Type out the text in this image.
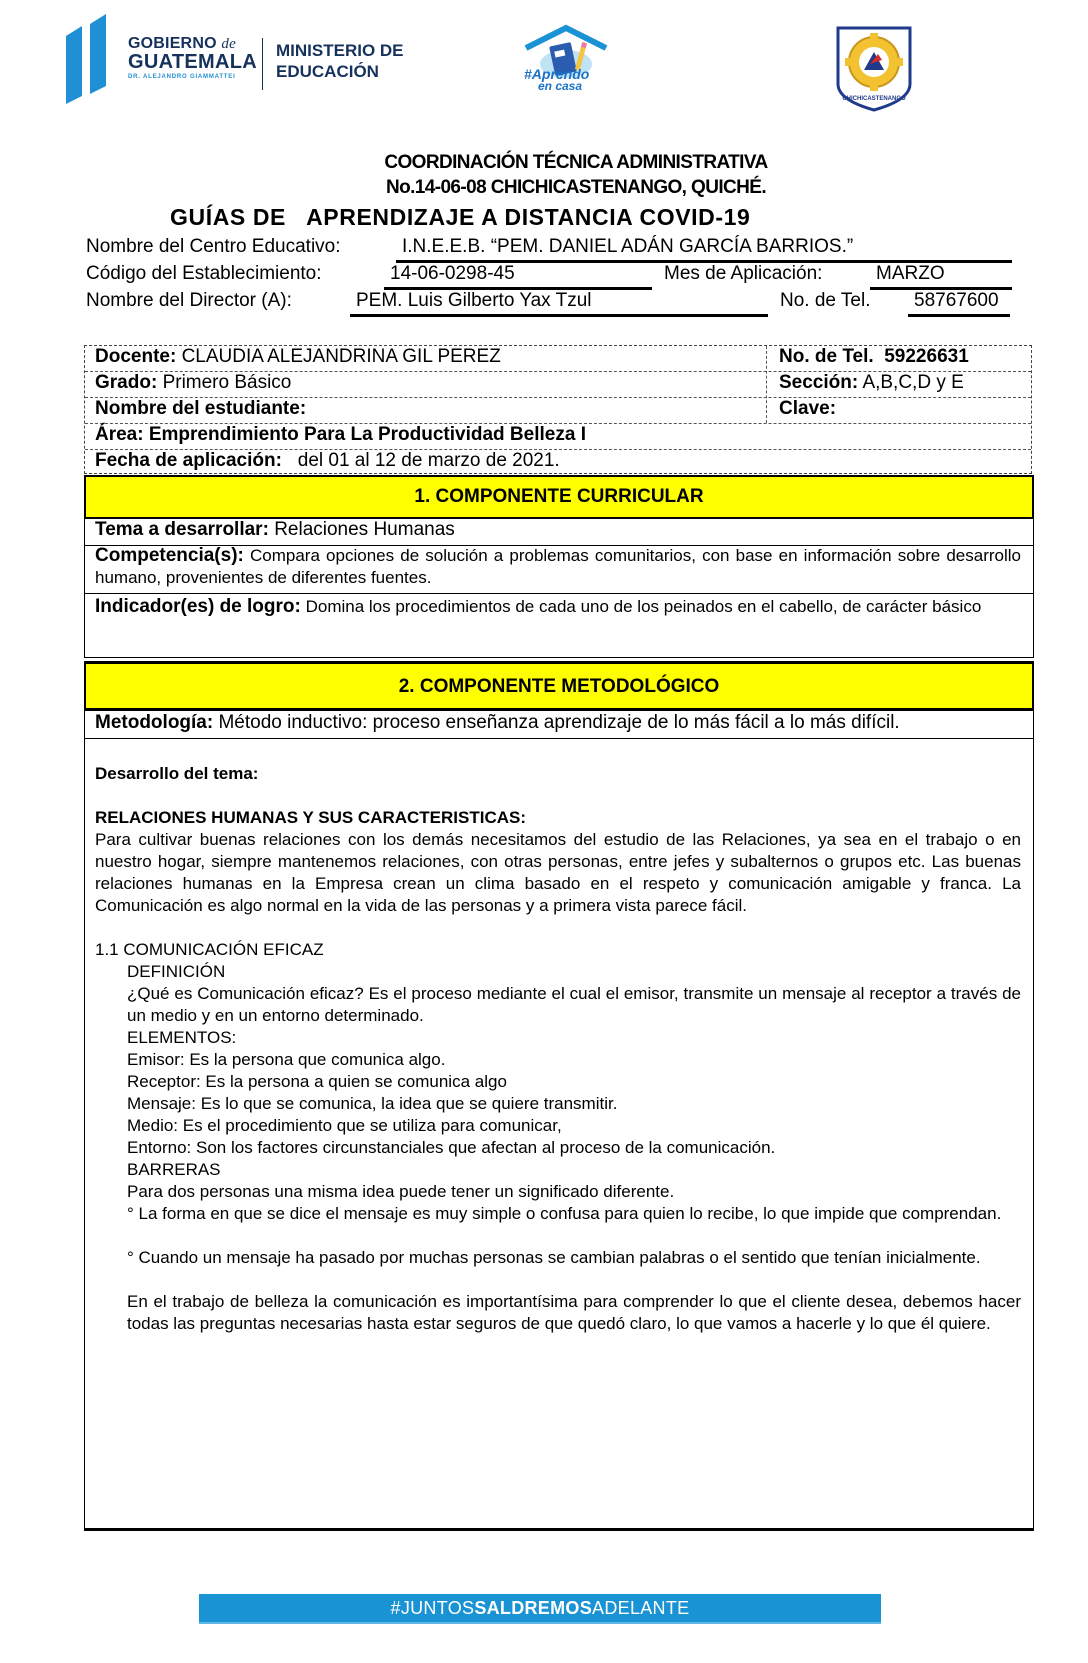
GOBIERNO de
GUATEMALA
DR. ALEJANDRO GIAMMATTEI
MINISTERIO DE
EDUCACIÓN	#Aprendo
en casa
CHICHICASTENANGO
COORDINACIÓN TÉCNICA ADMINISTRATIVA
No.14-06-08 CHICHICASTENANGO, QUICHÉ.
GUÍAS DE   APRENDIZAJE A DISTANCIA COVID-19
Nombre del Centro Educativo:	I.N.E.E.B. “PEM. DANIEL ADÁN GARCÍA BARRIOS.”
Código del Establecimiento:	14-06-0298-45	Mes de Aplicación:	MARZO
Nombre del Director (A):	PEM. Luis Gilberto Yax Tzul	No. de Tel.	58767600
Docente: CLAUDIA ALEJANDRINA GIL PEREZ	No. de Tel. 59226631
Grado: Primero Básico	Sección: A,B,C,D y E
Nombre del estudiante:	Clave:
Área: Emprendimiento Para La Productividad Belleza I
Fecha de aplicación: del 01 al 12 de marzo de 2021.
1. COMPONENTE CURRICULAR
Tema a desarrollar: Relaciones Humanas
Competencia(s): Compara opciones de solución a problemas comunitarios, con base en información sobre desarrollo humano, provenientes de diferentes fuentes.
Indicador(es) de logro: Domina los procedimientos de cada uno de los peinados en el cabello, de carácter básico
2. COMPONENTE METODOLÓGICO
Metodología: Método inductivo: proceso enseñanza aprendizaje de lo más fácil a lo más difícil.
Desarrollo del tema:
RELACIONES HUMANAS Y SUS CARACTERISTICAS:
Para cultivar buenas relaciones con los demás necesitamos del estudio de las Relaciones, ya sea en el trabajo o en nuestro hogar, siempre mantenemos relaciones, con otras personas, entre jefes y subalternos o grupos etc. Las buenas relaciones humanas en la Empresa crean un clima basado en el respeto y comunicación amigable y franca. La Comunicación es algo normal en la vida de las personas y a primera vista parece fácil.
1.1 COMUNICACIÓN EFICAZ
DEFINICIÓN
¿Qué es Comunicación eficaz? Es el proceso mediante el cual el emisor, transmite un mensaje al receptor a través de un medio y en un entorno determinado.
ELEMENTOS:
Emisor: Es la persona que comunica algo.
Receptor: Es la persona a quien se comunica algo
Mensaje: Es lo que se comunica, la idea que se quiere transmitir.
Medio: Es el procedimiento que se utiliza para comunicar,
Entorno: Son los factores circunstanciales que afectan al proceso de la comunicación.
BARRERAS
Para dos personas una misma idea puede tener un significado diferente.
° La forma en que se dice el mensaje es muy simple o confusa para quien lo recibe, lo que impide que comprendan.
° Cuando un mensaje ha pasado por muchas personas se cambian palabras o el sentido que tenían inicialmente.
En el trabajo de belleza la comunicación es importantísima para comprender lo que el cliente desea, debemos hacer todas las preguntas necesarias hasta estar seguros de que quedó claro, lo que vamos a hacerle y lo que él quiere.
#JUNTOSSALDREMOSADELANTE
